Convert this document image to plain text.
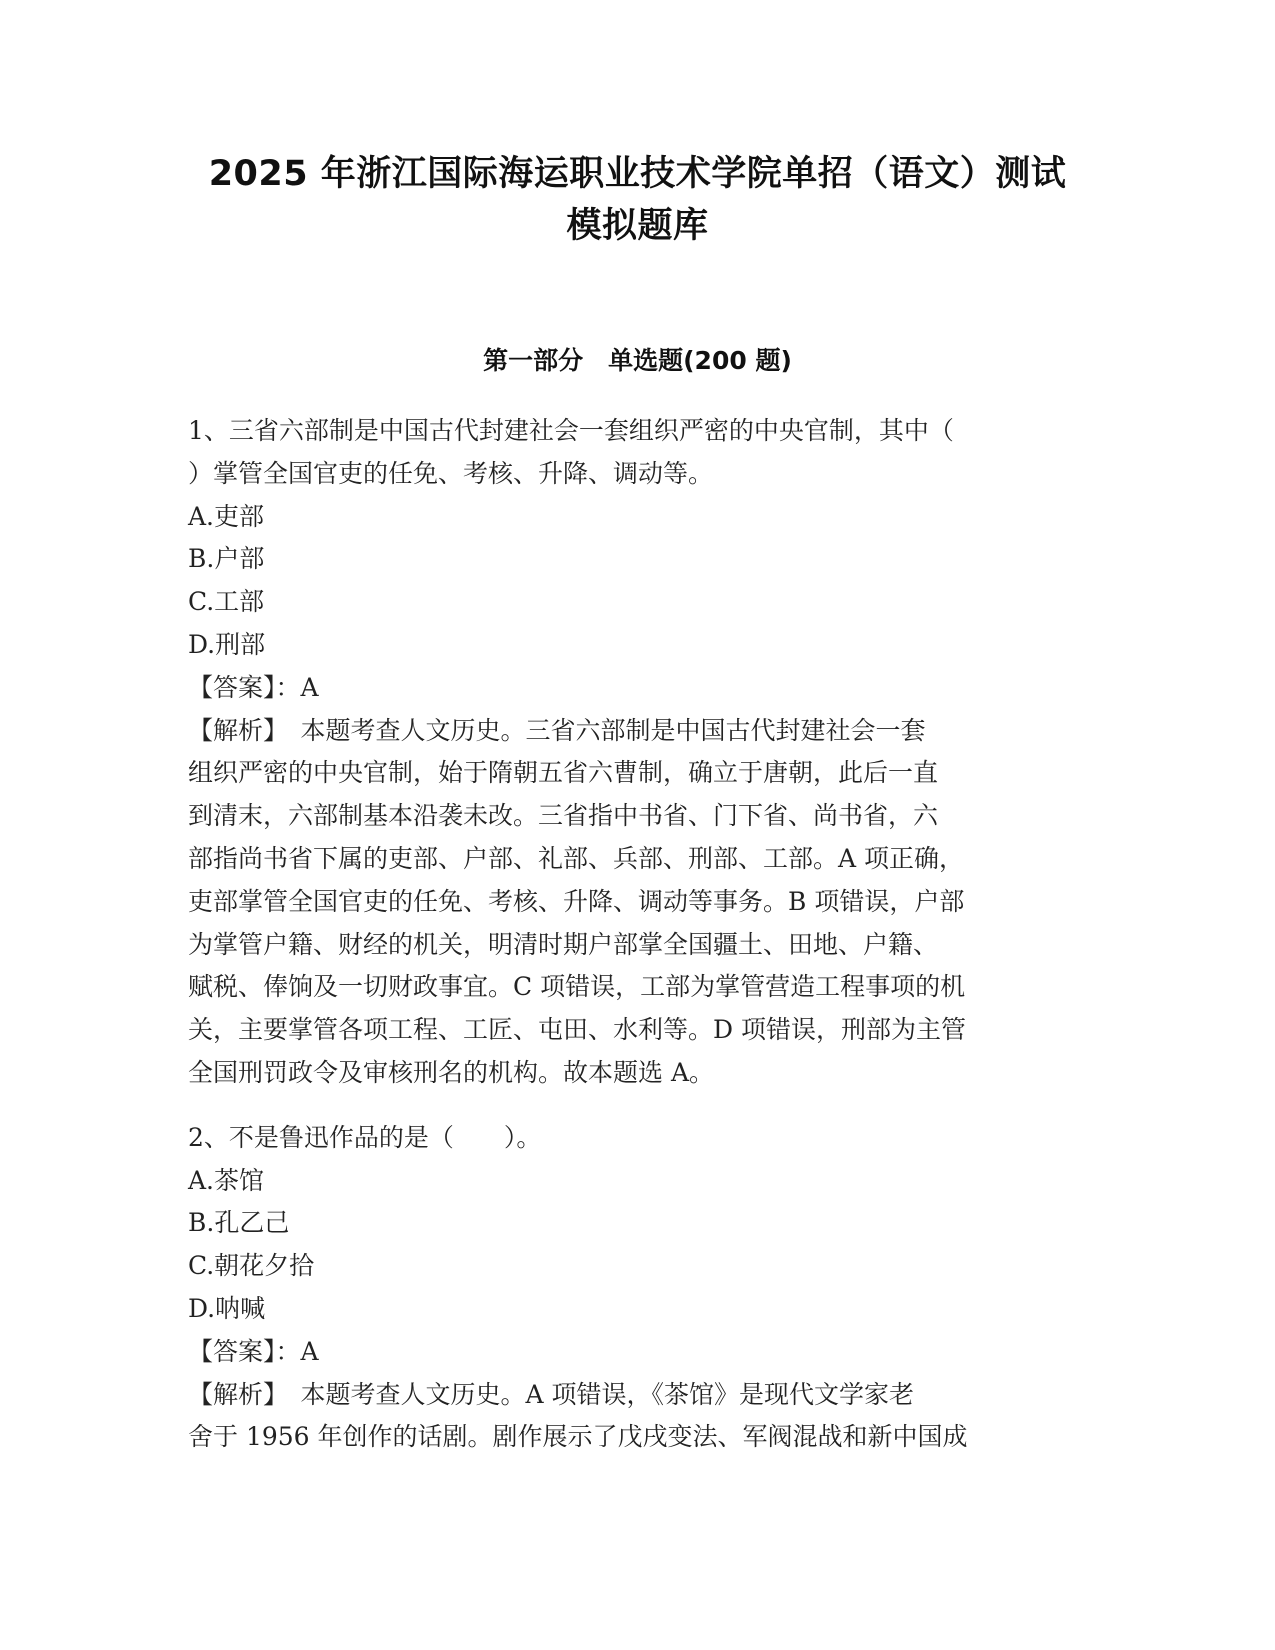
2025 年浙江国际海运职业技术学院单招（语文）测试
模拟题库
第一部分　单选题(200 题)
1、三省六部制是中国古代封建社会一套组织严密的中央官制，其中（
）掌管全国官吏的任免、考核、升降、调动等。
A.吏部
B.户部
C.工部
D.刑部
【答案】：A
【解析】　本题考查人文历史。三省六部制是中国古代封建社会一套
组织严密的中央官制，始于隋朝五省六曹制，确立于唐朝，此后一直
到清末，六部制基本沿袭未改。三省指中书省、门下省、尚书省，六
部指尚书省下属的吏部、户部、礼部、兵部、刑部、工部。A 项正确，
吏部掌管全国官吏的任免、考核、升降、调动等事务。B 项错误，户部
为掌管户籍、财经的机关，明清时期户部掌全国疆土、田地、户籍、
赋税、俸饷及一切财政事宜。C 项错误，工部为掌管营造工程事项的机
关，主要掌管各项工程、工匠、屯田、水利等。D 项错误，刑部为主管
全国刑罚政令及审核刑名的机构。故本题选 A。
2、不是鲁迅作品的是（　　）。
A.茶馆
B.孔乙己
C.朝花夕拾
D.呐喊
【答案】：A
【解析】　本题考查人文历史。A 项错误，《茶馆》是现代文学家老
舍于 1956 年创作的话剧。剧作展示了戊戌变法、军阀混战和新中国成
